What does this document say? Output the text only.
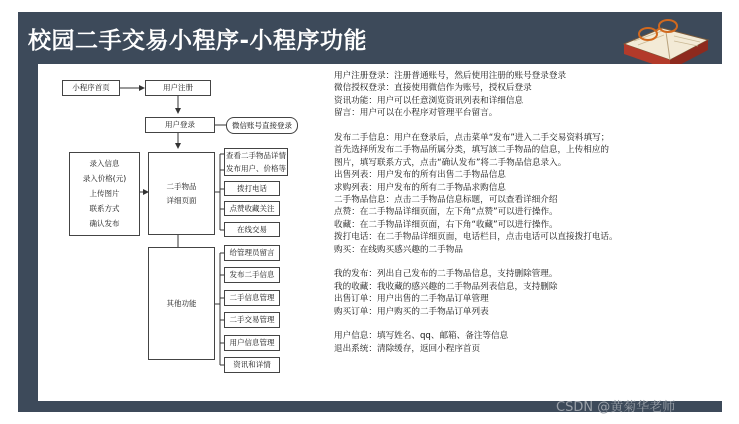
校园二手交易小程序-小程序功能
小程序首页	用户注册
用户登录	微信账号直接登录
二手物品
详细页面
录入信息
录入价格(元)
上传图片
联系方式
确认发布
查看二手物品详情
发布用户、价格等
拨打电话
点赞收藏关注
在线交易
其他功能
给管理员留言
发布二手信息
二手信息管理
二手交易管理
用户信息管理
资讯和详情
用户注册登录：注册普通账号，然后使用注册的账号登录登录
微信授权登录：直接使用微信作为账号，授权后登录
资讯功能：用户可以任意浏览资讯列表和详细信息
留言：用户可以在小程序对管理平台留言。
发布二手信息：用户在登录后，点击菜单“发布”进入二手交易资料填写；
首先选择所发布二手物品所属分类，填写該二手物品的信息，上传相应的
图片，填写联系方式，点击“确认发布”将二手物品信息录入。
出售列表：用户发布的所有出售二手物品信息
求购列表：用户发布的所有二手物品求购信息
二手物品信息：点击二手物品信息标题，可以查看详细介绍
点赞：在二手物品详细页面，左下角“点赞”可以进行操作。
收藏：在二手物品详细页面，右下角“收藏”可以进行操作。
拨打电话：在二手物品详细页面，电话栏目，点击电话可以直接拨打电话。
购买：在线购买感兴趣的二手物品
我的发布：列出自己发布的二手物品信息，支持删除管理。
我的收藏：我收藏的感兴趣的二手物品列表信息，支持删除
出售订单：用户出售的二手物品订单管理
购买订单：用户购买的二手物品订单列表
用户信息：填写姓名、qq、邮箱、备注等信息
退出系统：清除缓存，返回小程序首页
CSDN @黄菊华老师
